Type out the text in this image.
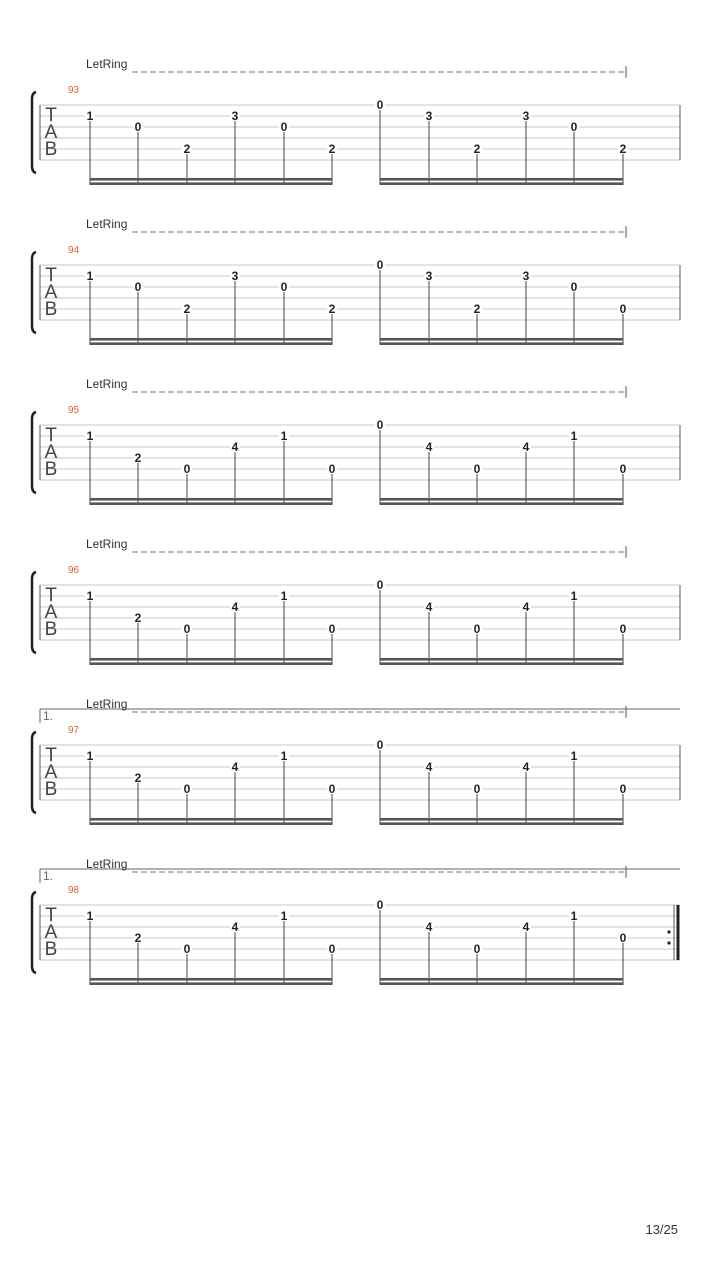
LetRing
93
T
A
B
1
0
2
3
0
2
0
3
2
3
0
2
LetRing
94
T
A
B
1
0
2
3
0
2
0
3
2
3
0
0
LetRing
95
T
A
B
1
2
0
4
1
0
0
4
0
4
1
0
LetRing
96
T
A
B
1
2
0
4
1
0
0
4
0
4
1
0
1.
LetRing
97
T
A
B
1
2
0
4
1
0
0
4
0
4
1
0
1.
LetRing
98
T
A
B
1
2
0
4
1
0
0
4
0
4
1
0
13/25
